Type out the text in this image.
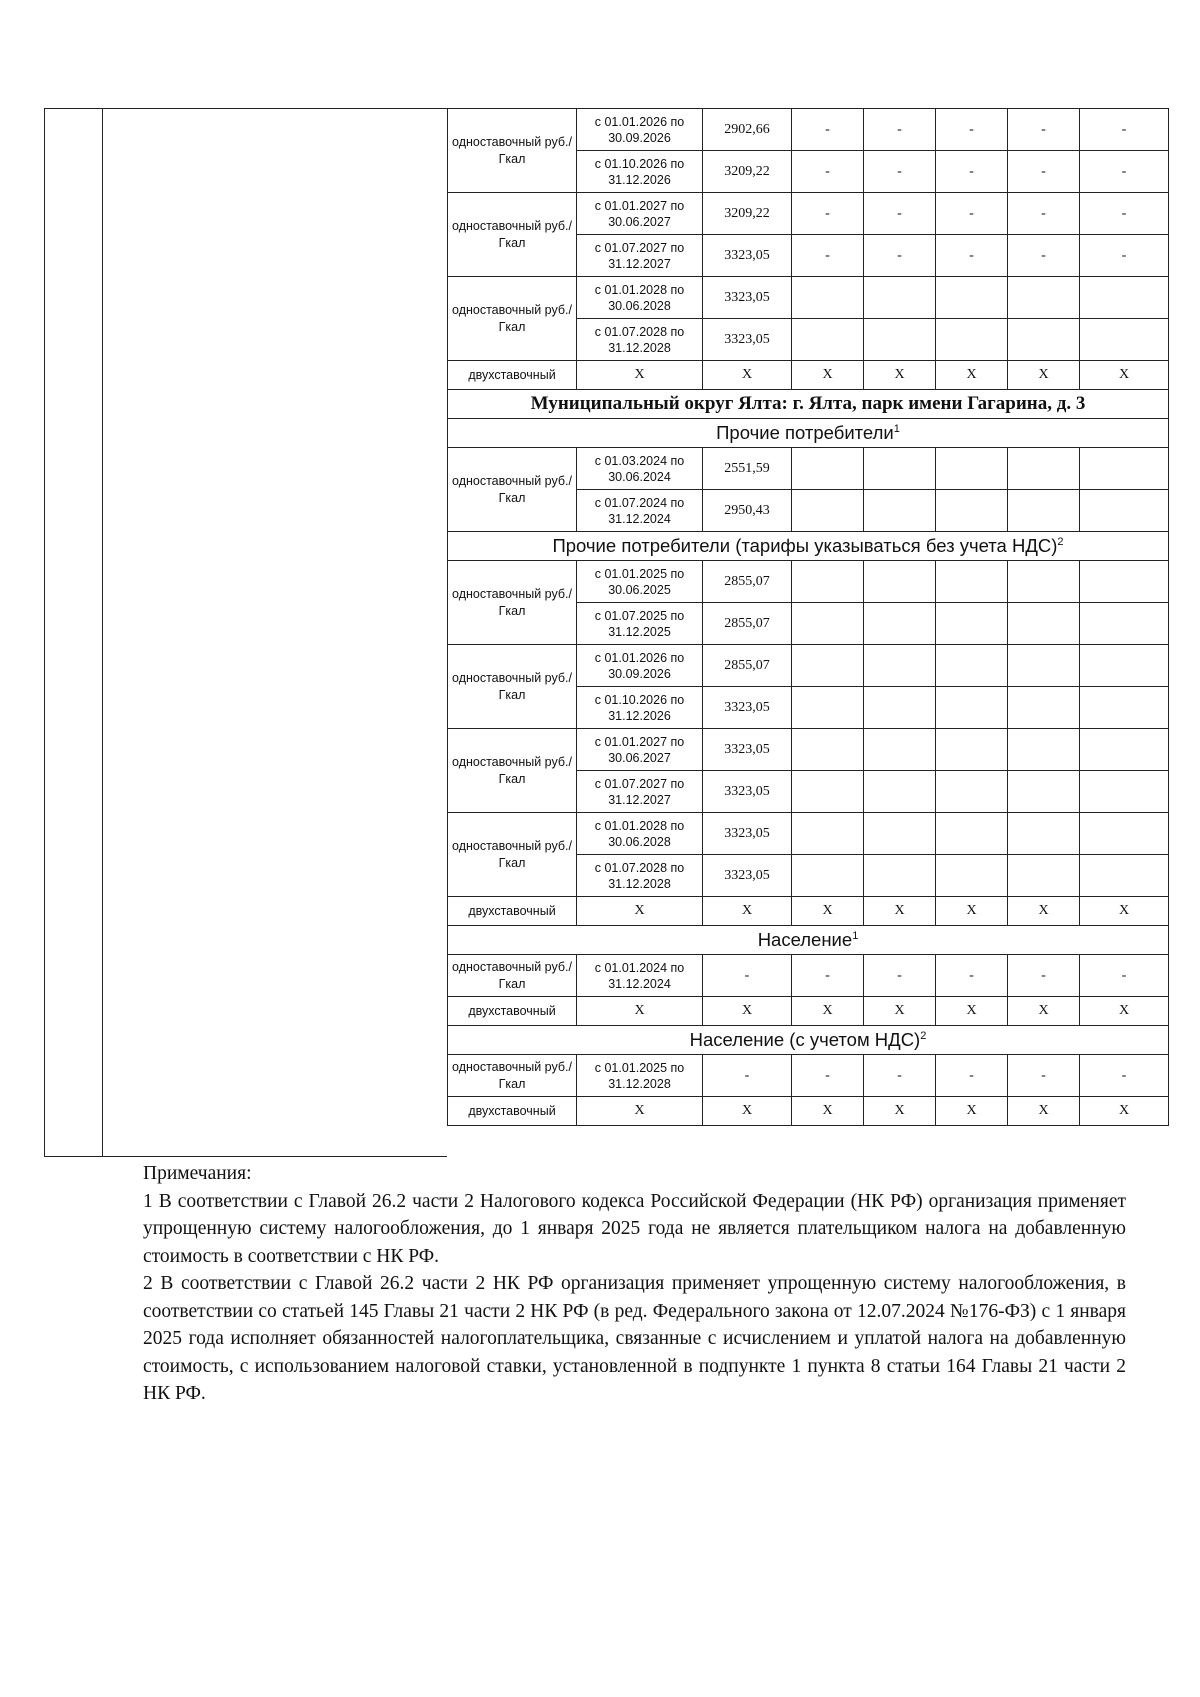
одноставочный руб./Гкал	с 01.01.2026 по 30.09.2026	2902,66	-	-	-	-	-
	с 01.10.2026 по 31.12.2026	3209,22	-	-	-	-	-
одноставочный руб./Гкал	с 01.01.2027 по 30.06.2027	3209,22	-	-	-	-	-
	с 01.07.2027 по 31.12.2027	3323,05	-	-	-	-	-
одноставочный руб./Гкал	с 01.01.2028 по 30.06.2028	3323,05					
	с 01.07.2028 по 31.12.2028	3323,05					
двухставочный	Х	Х	Х	Х	Х	Х	Х
Муниципальный округ Ялта: г. Ялта, парк имени Гагарина, д. 3							
Прочие потребители$^1$
одноставочный руб./Гкал	с 01.03.2024 по 30.06.2024	2551,59					
	с 01.07.2024 по 31.12.2024	2950,43					
Прочие потребители (тарифы указываться без учета НДС)$^2$
одноставочный руб./Гкал	с 01.01.2025 по 30.06.2025	2855,07					
	с 01.07.2025 по 31.12.2025	2855,07					
одноставочный руб./Гкал	с 01.01.2026 по 30.09.2026	2855,07					
	с 01.10.2026 по 31.12.2026	3323,05					
одноставочный руб./Гкал	с 01.01.2027 по 30.06.2027	3323,05					
	с 01.07.2027 по 31.12.2027	3323,05					
одноставочный руб./Гкал	с 01.01.2028 по 30.06.2028	3323,05					
	с 01.07.2028 по 31.12.2028	3323,05					
двухставочный	Х	Х	Х	Х	Х	Х	Х
Население$^1$
одноставочный руб./Гкал	с 01.01.2024 по 31.12.2024	-	-	-	-	-	-
двухставочный	Х	Х	Х	Х	Х	Х	Х
Население (с учетом НДС)$^2$
одноставочный руб./Гкал	с 01.01.2025 по 31.12.2028	-	-	-	-	-	-
двухставочный	Х	Х	Х	Х	Х	Х	Х

Примечания:

1 В соответствии с Главой 26.2 части 2 Налогового кодекса Российской Федерации (НК РФ) организация применяет упрощенную систему налогообложения, до 1 января 2025 года не является плательщиком налога на добавленную стоимость в соответствии с НК РФ.

2 В соответствии с Главой 26.2 части 2 НК РФ организация применяет упрощенную систему налогообложения, в соответствии со статьей 145 Главы 21 части 2 НК РФ (в ред. Федерального закона от 12.07.2024 №176-ФЗ) с 1 января 2025 года исполняет обязанностей налогоплательщика, связанные с исчислением и уплатой налога на добавленную стоимость, с использованием налоговой ставки, установленной в подпункте 1 пункта 8 статьи 164 Главы 21 части 2 НК РФ.
